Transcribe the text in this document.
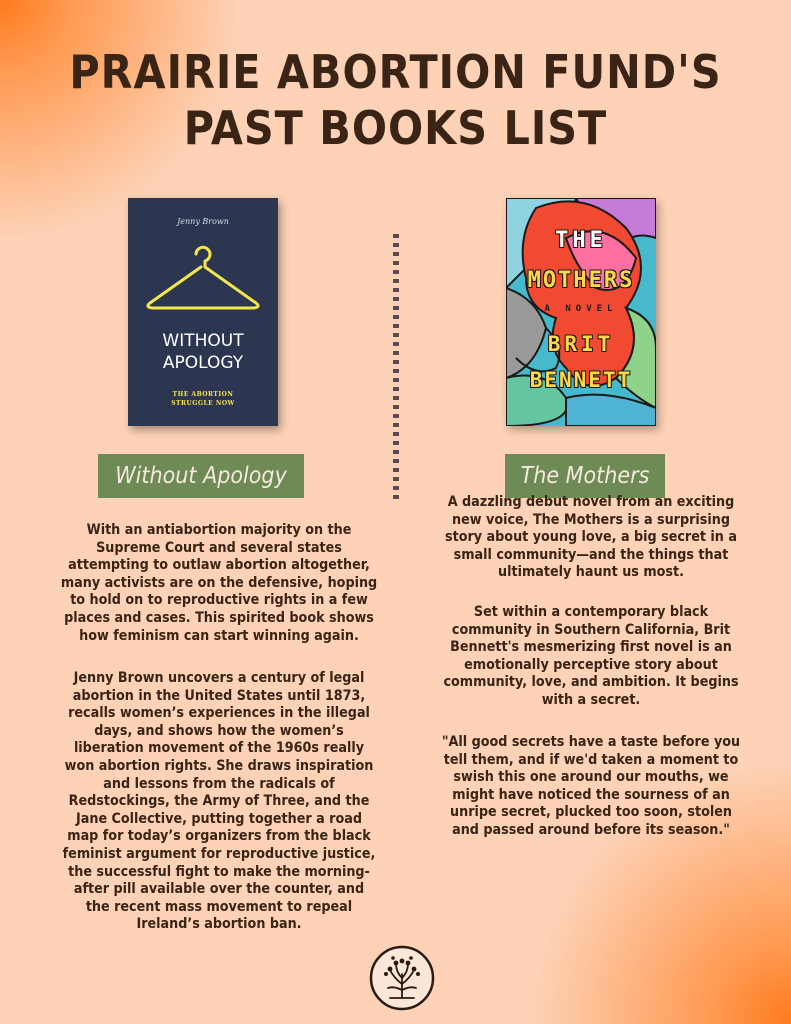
PRAIRIE ABORTION FUND'S
PAST BOOKS LIST
Jenny Brown
WITHOUT
APOLOGY
THE ABORTION
STRUGGLE NOW
THE
MOTHERS
A NOVEL
BRIT
BENNETT
Without Apology	The Mothers

With an antiabortion majority on the Supreme Court and several states attempting to outlaw abortion altogether, many activists are on the defensive, hoping to hold on to reproductive rights in a few places and cases. This spirited book shows how feminism can start winning again.

Jenny Brown uncovers a century of legal abortion in the United States until 1873, recalls women’s experiences in the illegal days, and shows how the women’s liberation movement of the 1960s really won abortion rights. She draws inspiration and lessons from the radicals of Redstockings, the Army of Three, and the Jane Collective, putting together a road map for today’s organizers from the black feminist argument for reproductive justice, the successful fight to make the morning-after pill available over the counter, and the recent mass movement to repeal Ireland’s abortion ban.

A dazzling debut novel from an exciting new voice, The Mothers is a surprising story about young love, a big secret in a small community—and the things that ultimately haunt us most.

Set within a contemporary black community in Southern California, Brit Bennett's mesmerizing first novel is an emotionally perceptive story about community, love, and ambition. It begins with a secret.

"All good secrets have a taste before you tell them, and if we'd taken a moment to swish this one around our mouths, we might have noticed the sourness of an unripe secret, plucked too soon, stolen and passed around before its season."
